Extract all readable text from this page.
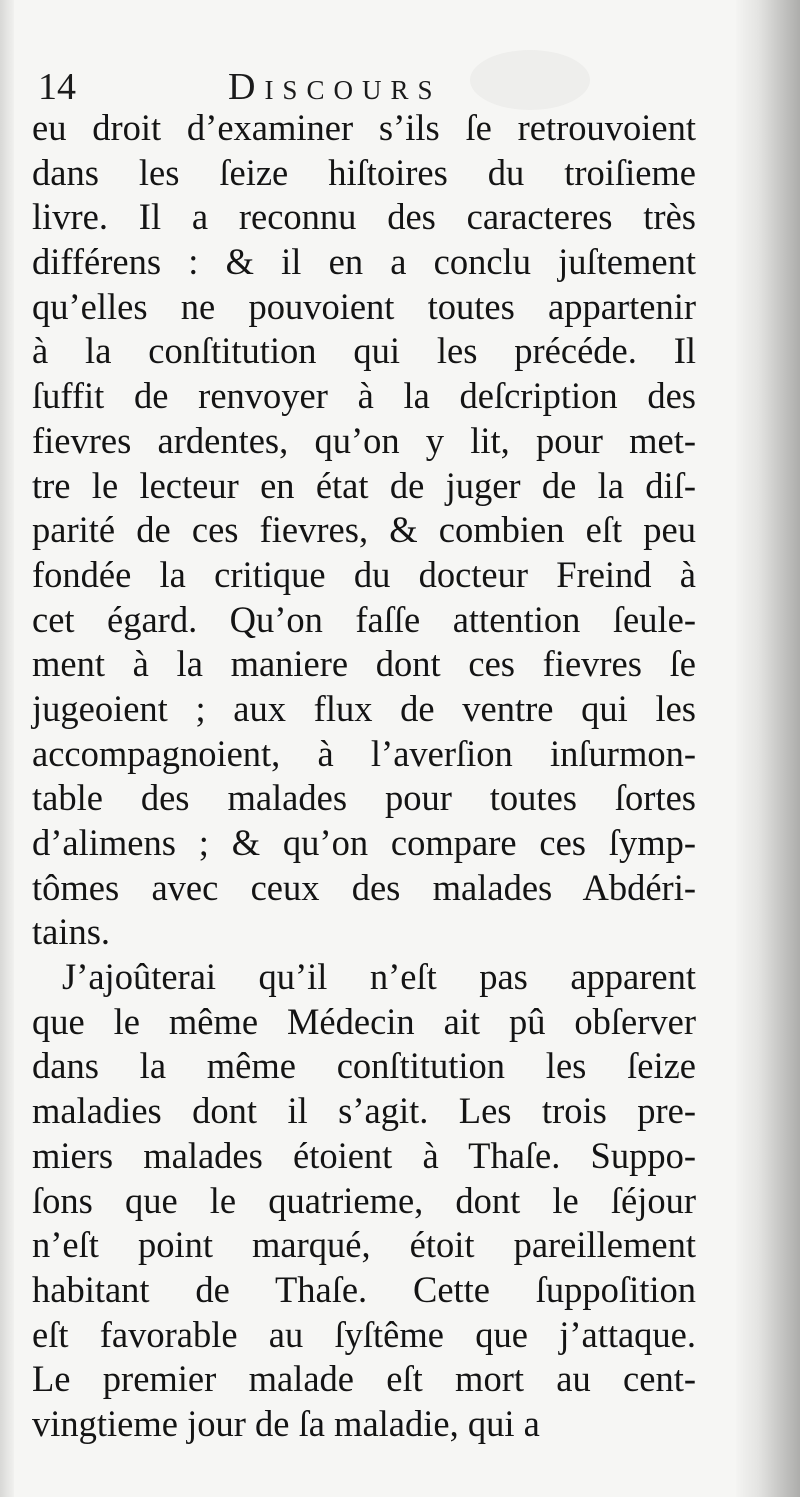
14	Discours
eu droit d’examiner s’ils ſe retrouvoient
dans les ſeize hiſtoires du troiſieme
livre. Il a reconnu des caracteres très
différens : & il en a conclu juſtement
qu’elles ne pouvoient toutes appartenir
à la conſtitution qui les précéde. Il
ſuffit de renvoyer à la deſcription des
fievres ardentes, qu’on y lit, pour met-
tre le lecteur en état de juger de la diſ-
parité de ces fievres, & combien eſt peu
fondée la critique du docteur Freind à
cet égard. Qu’on faſſe attention ſeule-
ment à la maniere dont ces fievres ſe
jugeoient ; aux flux de ventre qui les
accompagnoient, à l’averſion inſurmon-
table des malades pour toutes ſortes
d’alimens ; & qu’on compare ces ſymp-
tômes avec ceux des malades Abdéri-
tains.
J’ajoûterai qu’il n’eſt pas apparent
que le même Médecin ait pû obſerver
dans la même conſtitution les ſeize
maladies dont il s’agit. Les trois pre-
miers malades étoient à Thaſe. Suppo-
ſons que le quatrieme, dont le ſéjour
n’eſt point marqué, étoit pareillement
habitant de Thaſe. Cette ſuppoſition
eſt favorable au ſyſtême que j’attaque.
Le premier malade eſt mort au cent-
vingtieme jour de ſa maladie, qui a
